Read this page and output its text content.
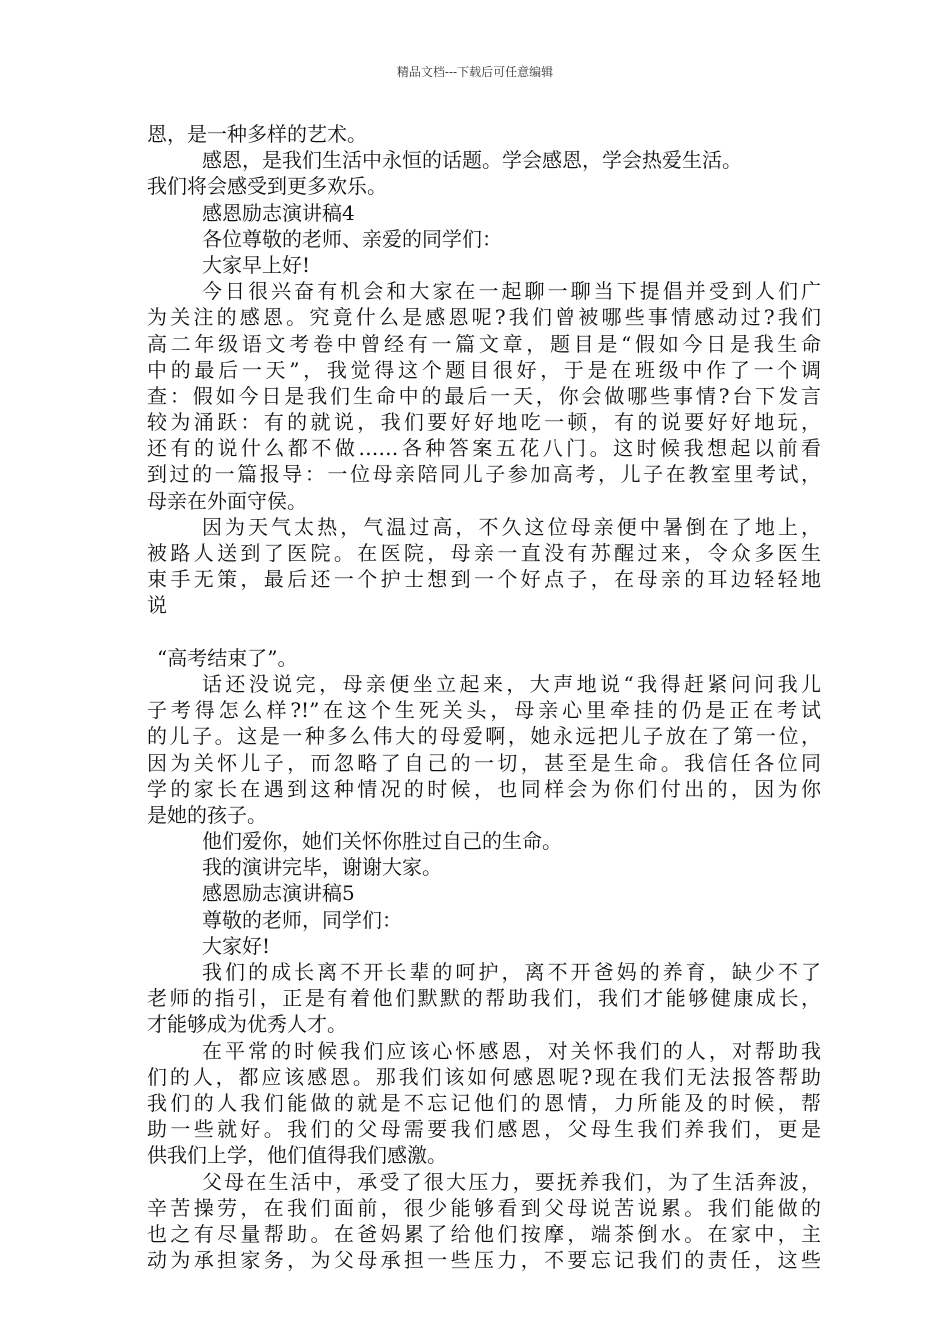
精品文档---下载后可任意编辑
恩，是一种多样的艺术。
感恩，是我们生活中永恒的话题。学会感恩，学会热爱生活。
我们将会感受到更多欢乐。
感恩励志演讲稿4
各位尊敬的老师、亲爱的同学们：
大家早上好!
今日很兴奋有机会和大家在一起聊一聊当下提倡并受到人们广
为关注的感恩。究竟什么是感恩呢?我们曾被哪些事情感动过?我们
高二年级语文考卷中曾经有一篇文章，题目是“假如今日是我生命
中的最后一天”，我觉得这个题目很好，于是在班级中作了一个调
查：假如今日是我们生命中的最后一天，你会做哪些事情?台下发言
较为涌跃：有的就说，我们要好好地吃一顿，有的说要好好地玩，
还有的说什么都不做……各种答案五花八门。这时候我想起以前看
到过的一篇报导：一位母亲陪同儿子参加高考，儿子在教室里考试，
母亲在外面守侯。
因为天气太热，气温过高，不久这位母亲便中暑倒在了地上，
被路人送到了医院。在医院，母亲一直没有苏醒过来，令众多医生
束手无策，最后还一个护士想到一个好点子，在母亲的耳边轻轻地
说
“高考结束了”。
话还没说完，母亲便坐立起来，大声地说“我得赶紧问问我儿
子考得怎么样?!”在这个生死关头，母亲心里牵挂的仍是正在考试
的儿子。这是一种多么伟大的母爱啊，她永远把儿子放在了第一位，
因为关怀儿子，而忽略了自己的一切，甚至是生命。我信任各位同
学的家长在遇到这种情况的时候，也同样会为你们付出的，因为你
是她的孩子。
他们爱你，她们关怀你胜过自己的生命。
我的演讲完毕，谢谢大家。
感恩励志演讲稿5
尊敬的老师，同学们：
大家好!
我们的成长离不开长辈的呵护，离不开爸妈的养育，缺少不了
老师的指引，正是有着他们默默的帮助我们，我们才能够健康成长，
才能够成为优秀人才。
在平常的时候我们应该心怀感恩，对关怀我们的人，对帮助我
们的人，都应该感恩。那我们该如何感恩呢?现在我们无法报答帮助
我们的人我们能做的就是不忘记他们的恩情，力所能及的时候，帮
助一些就好。我们的父母需要我们感恩，父母生我们养我们，更是
供我们上学，他们值得我们感激。
父母在生活中，承受了很大压力，要抚养我们，为了生活奔波，
辛苦操劳，在我们面前，很少能够看到父母说苦说累。我们能做的
也之有尽量帮助。在爸妈累了给他们按摩，端茶倒水。在家中，主
动为承担家务，为父母承担一些压力，不要忘记我们的责任，这些
